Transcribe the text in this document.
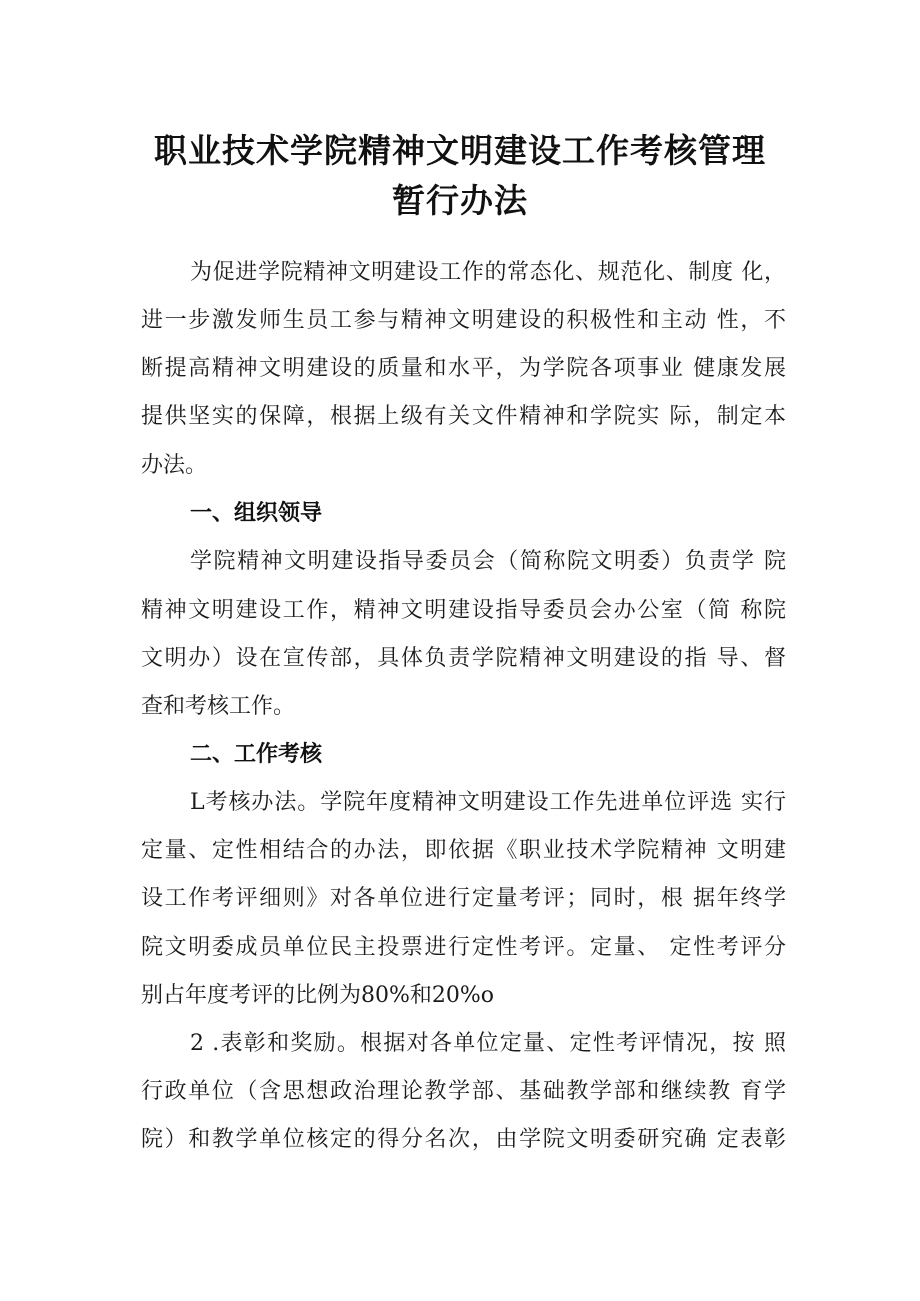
职业技术学院精神文明建设工作考核管理
暂行办法
为促进学院精神文明建设工作的常态化、规范化、制度 化，
进一步激发师生员工参与精神文明建设的积极性和主动 性，不
断提高精神文明建设的质量和水平，为学院各项事业 健康发展
提供坚实的保障，根据上级有关文件精神和学院实 际，制定本
办法。
一、组织领导
学院精神文明建设指导委员会（简称院文明委）负责学 院
精神文明建设工作，精神文明建设指导委员会办公室（简 称院
文明办）设在宣传部，具体负责学院精神文明建设的指 导、督
查和考核工作。
二、工作考核
L考核办法。学院年度精神文明建设工作先进单位评选 实行
定量、定性相结合的办法，即依据《职业技术学院精神 文明建
设工作考评细则》对各单位进行定量考评；同时，根 据年终学
院文明委成员单位民主投票进行定性考评。定量、 定性考评分
别占年度考评的比例为80%和20%o
2 .表彰和奖励。根据对各单位定量、定性考评情况，按 照
行政单位（含思想政治理论教学部、基础教学部和继续教 育学
院）和教学单位核定的得分名次，由学院文明委研究确 定表彰
